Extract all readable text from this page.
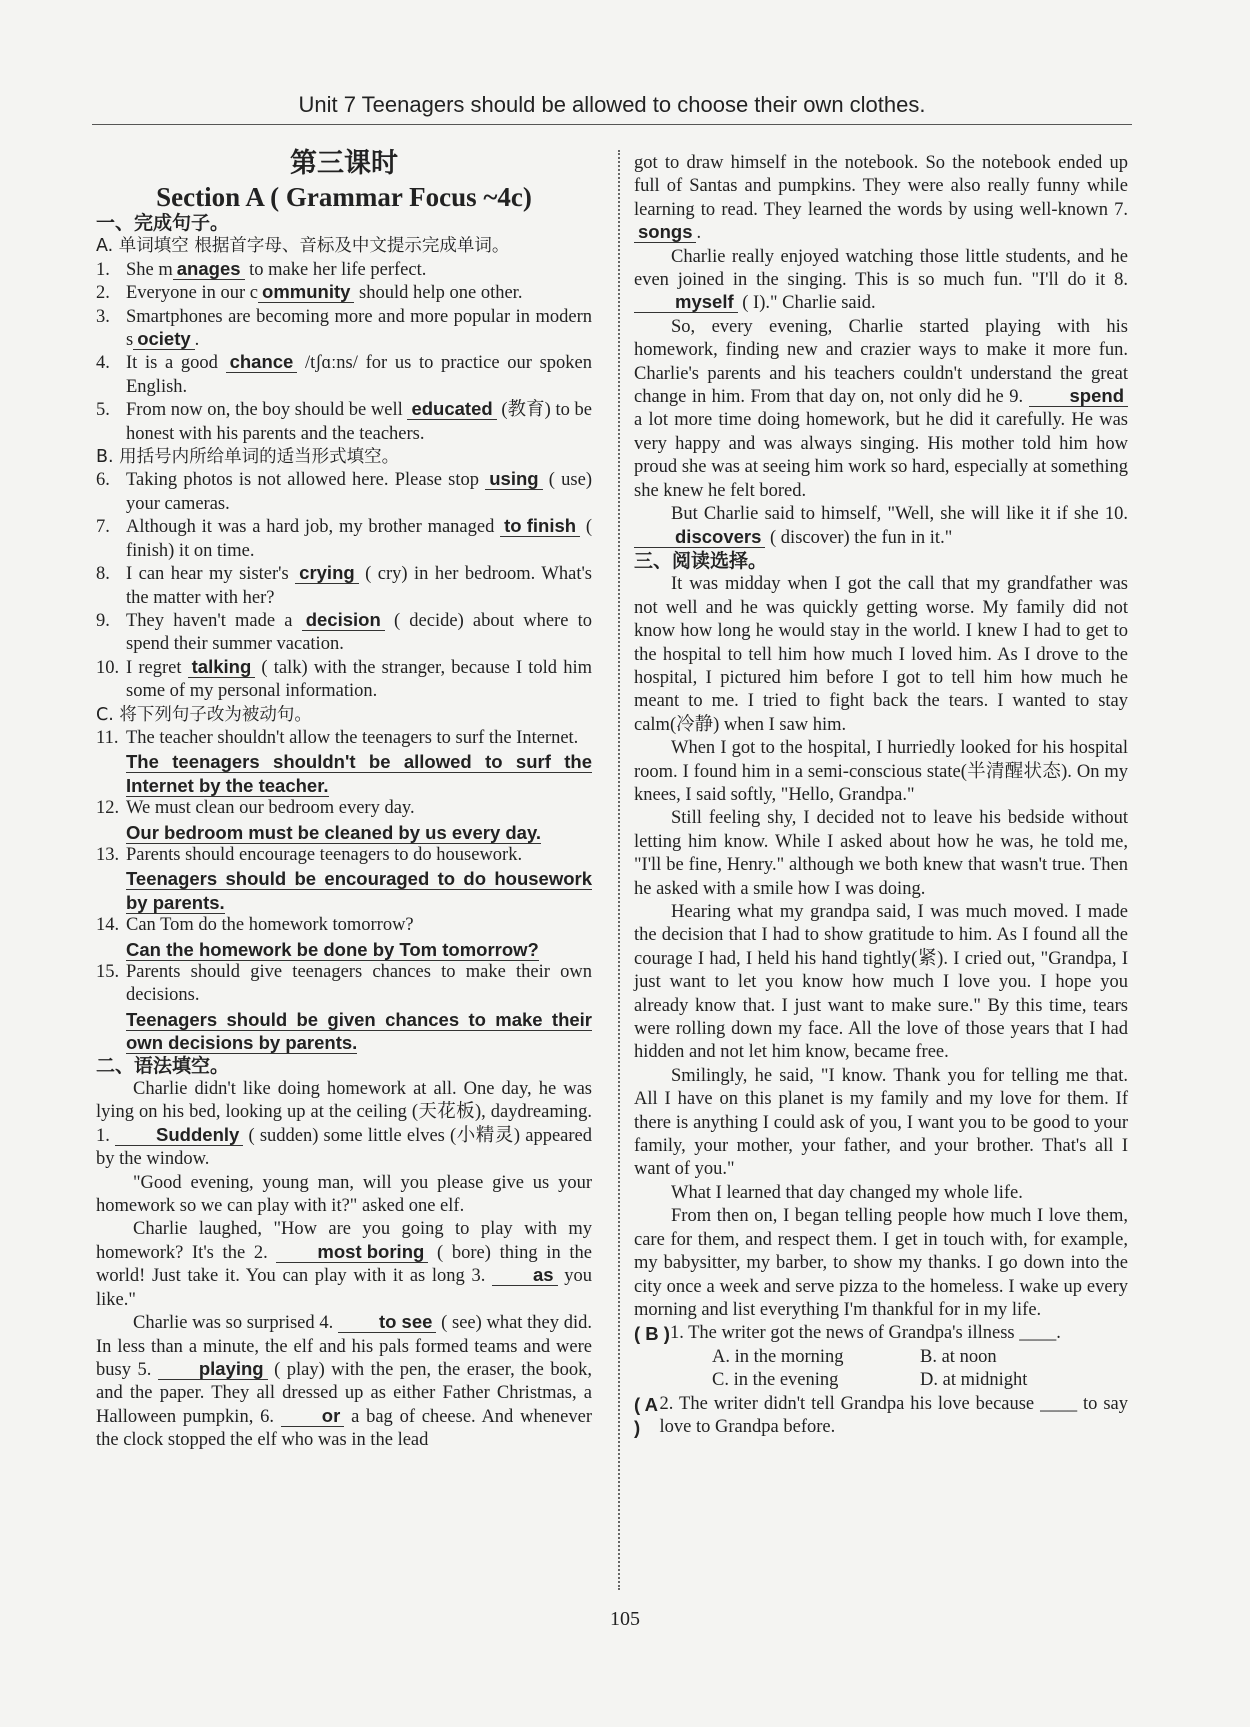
Unit 7 Teenagers should be allowed to choose their own clothes.
第三课时
Section A ( Grammar Focus ~4c)
一、完成句子。
A. 单词填空 根据首字母、音标及中文提示完成单词。
1. She m anages to make her life perfect.
2. Everyone in our c ommunity should help one other.
3. Smartphones are becoming more and more popular in modern s ociety .
4. It is a good chance /tʃɑːns/ for us to practice our spoken English.
5. From now on, the boy should be well educated (教育) to be honest with his parents and the teachers.
B. 用括号内所给单词的适当形式填空。
6. Taking photos is not allowed here. Please stop using ( use) your cameras.
7. Although it was a hard job, my brother managed to finish ( finish) it on time.
8. I can hear my sister's crying ( cry) in her bedroom. What's the matter with her?
9. They haven't made a decision ( decide) about where to spend their summer vacation.
10. I regret talking ( talk) with the stranger, because I told him some of my personal information.
C. 将下列句子改为被动句。
11. The teacher shouldn't allow the teenagers to surf the Internet.
The teenagers shouldn't be allowed to surf the Internet by the teacher.
12. We must clean our bedroom every day.
Our bedroom must be cleaned by us every day.
13. Parents should encourage teenagers to do housework.
Teenagers should be encouraged to do housework by parents.
14. Can Tom do the homework tomorrow?
Can the homework be done by Tom tomorrow?
15. Parents should give teenagers chances to make their own decisions.
Teenagers should be given chances to make their own decisions by parents.
二、语法填空。

Charlie didn't like doing homework at all. One day, he was lying on his bed, looking up at the ceiling (天花板), daydreaming. 1. Suddenly ( sudden) some little elves (小精灵) appeared by the window.

"Good evening, young man, will you please give us your homework so we can play with it?" asked one elf.

Charlie laughed, "How are you going to play with my homework? It's the 2. most boring ( bore) thing in the world! Just take it. You can play with it as long 3. as you like."

Charlie was so surprised 4. to see ( see) what they did. In less than a minute, the elf and his pals formed teams and were busy 5. playing ( play) with the pen, the eraser, the book, and the paper. They all dressed up as either Father Christmas, a Halloween pumpkin, 6. or a bag of cheese. And whenever the clock stopped the elf who was in the lead

got to draw himself in the notebook. So the notebook ended up full of Santas and pumpkins. They were also really funny while learning to read. They learned the words by using well-known 7. songs .

Charlie really enjoyed watching those little students, and he even joined in the singing. This is so much fun. "I'll do it 8. myself ( I)." Charlie said.

So, every evening, Charlie started playing with his homework, finding new and crazier ways to make it more fun. Charlie's parents and his teachers couldn't understand the great change in him. From that day on, not only did he 9. spend a lot more time doing homework, but he did it carefully. He was very happy and was always singing. His mother told him how proud she was at seeing him work so hard, especially at something she knew he felt bored.

But Charlie said to himself, "Well, she will like it if she 10. discovers ( discover) the fun in it."

三、阅读选择。

It was midday when I got the call that my grandfather was not well and he was quickly getting worse. My family did not know how long he would stay in the world. I knew I had to get to the hospital to tell him how much I loved him. As I drove to the hospital, I pictured him before I got to tell him how much he meant to me. I tried to fight back the tears. I wanted to stay calm(冷静) when I saw him.

When I got to the hospital, I hurriedly looked for his hospital room. I found him in a semi-conscious state(半清醒状态). On my knees, I said softly, "Hello, Grandpa."

Still feeling shy, I decided not to leave his bedside without letting him know. While I asked about how he was, he told me, "I'll be fine, Henry." although we both knew that wasn't true. Then he asked with a smile how I was doing.

Hearing what my grandpa said, I was much moved. I made the decision that I had to show gratitude to him. As I found all the courage I had, I held his hand tightly(紧). I cried out, "Grandpa, I just want to let you know how much I love you. I hope you already know that. I just want to make sure." By this time, tears were rolling down my face. All the love of those years that I had hidden and not let him know, became free.

Smilingly, he said, "I know. Thank you for telling me that. All I have on this planet is my family and my love for them. If there is anything I could ask of you, I want you to be good to your family, your mother, your father, and your brother. That's all I want of you."

What I learned that day changed my whole life.

From then on, I began telling people how much I love them, care for them, and respect them. I get in touch with, for example, my babysitter, my barber, to show my thanks. I go down into the city once a week and serve pizza to the homeless. I wake up every morning and list everything I'm thankful for in my life.

( B ) 1. The writer got the news of Grandpa's illness ____.
A. in the morning	B. at noon
C. in the evening	D. at midnight
( A )
2. The writer didn't tell Grandpa his love because ____ to say love to Grandpa before.
105
